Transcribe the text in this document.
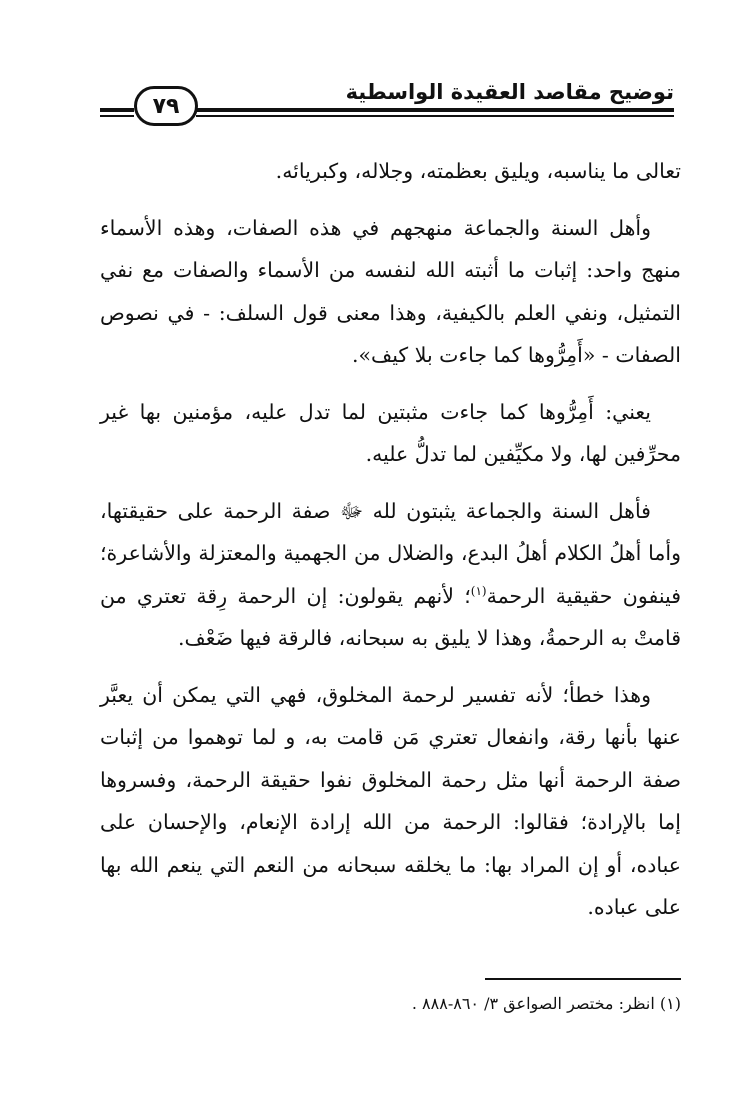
توضيح مقاصد العقيدة الواسطية
٧٩

تعالى ما يناسبه، ويليق بعظمته، وجلاله، وكبريائه.

وأهل السنة والجماعة منهجهم في هذه الصفات، وهذه الأسماء منهج واحد: إثبات ما أثبته الله لنفسه من الأسماء والصفات مع نفي التمثيل، ونفي العلم بالكيفية، وهذا معنى قول السلف: - في نصوص الصفات - «أَمِرُّوها كما جاءت بلا كيف».

يعني: أَمِرُّوها كما جاءت مثبتين لما تدل عليه، مؤمنين بها غير محرِّفين لها، ولا مكيِّفين لما تدلُّ عليه.

فأهل السنة والجماعة يثبتون لله ﷻ صفة الرحمة على حقيقتها، وأما أهلُ الكلام أهلُ البدع، والضلال من الجهمية والمعتزلة والأشاعرة؛ فينفون حقيقية الرحمة$^{(١)}$؛ لأنهم يقولون: إن الرحمة رِقة تعتري من قامتْ به الرحمةُ، وهذا لا يليق به سبحانه، فالرقة فيها ضَعْف.

وهذا خطأ؛ لأنه تفسير لرحمة المخلوق، فهي التي يمكن أن يعبَّر عنها بأنها رقة، وانفعال تعتري مَن قامت به، و لما توهموا من إثبات صفة الرحمة أنها مثل رحمة المخلوق نفوا حقيقة الرحمة، وفسروها إما بالإرادة؛ فقالوا: الرحمة من الله إرادة الإنعام، والإحسان على عباده، أو إن المراد بها: ما يخلقه سبحانه من النعم التي ينعم الله بها على عباده.

(١) انظر: مختصر الصواعق ٣/ ٨٦٠-٨٨٨ .
